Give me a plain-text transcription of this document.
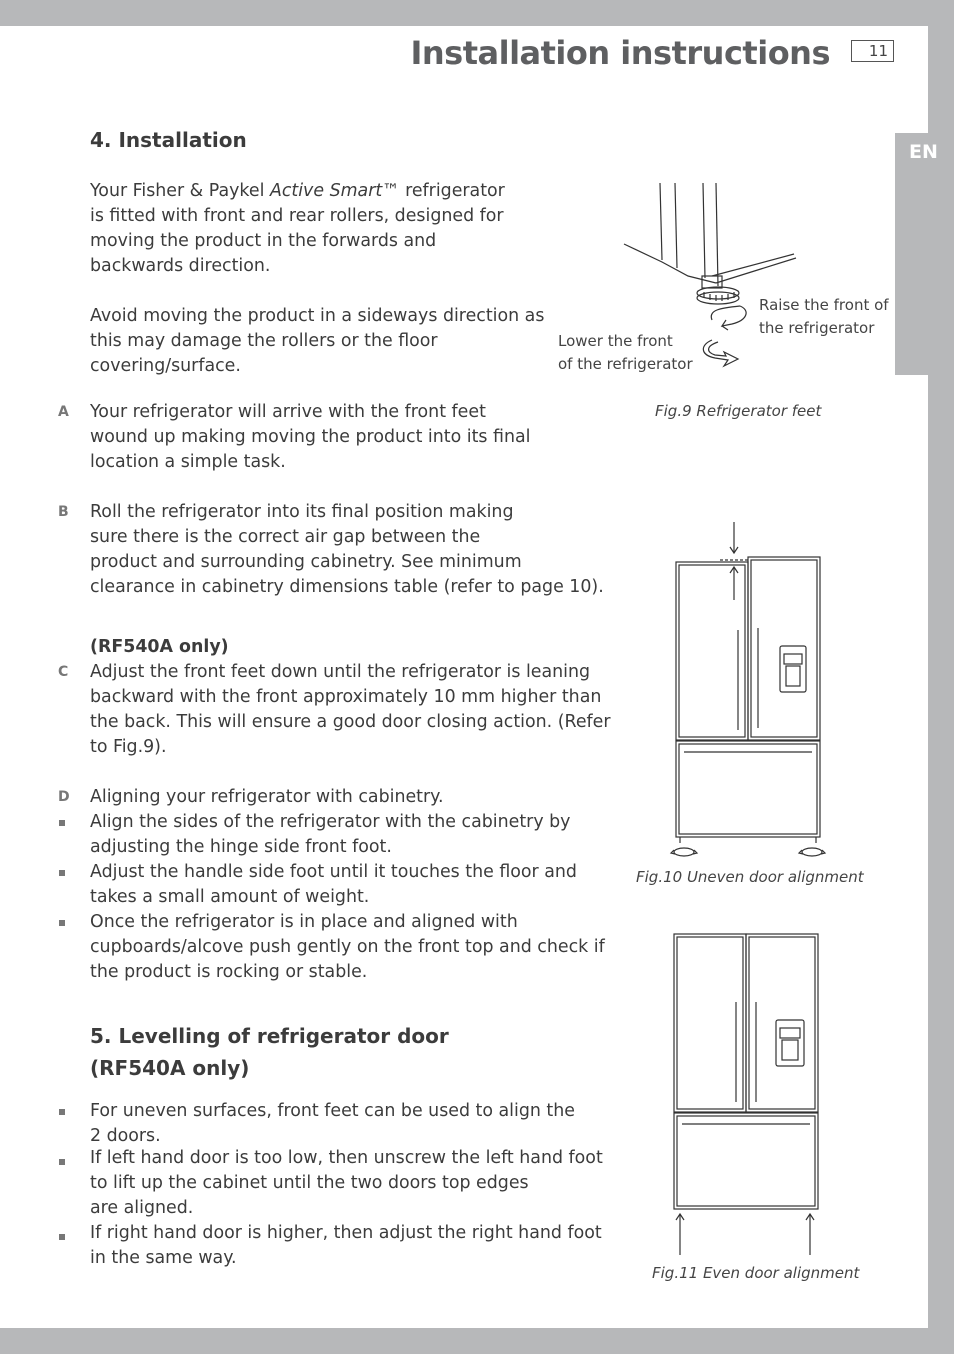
EN
Installation instructions	11
4. Installation

Your Fisher & Paykel Active Smart™ refrigerator

is fitted with front and rear rollers, designed for

moving the product in the forwards and

backwards direction.

Avoid moving the product in a sideways direction as

this may damage the rollers or the floor

covering/surface.

A Your refrigerator will arrive with the front feet

wound up making moving the product into its final

location a simple task.

B Roll the refrigerator into its final position making

sure there is the correct air gap between the

product and surrounding cabinetry. See minimum

clearance in cabinetry dimensions table (refer to page 10).

(RF540A only)
C Adjust the front feet down until the refrigerator is leaning

backward with the front approximately 10 mm higher than

the back. This will ensure a good door closing action. (Refer

to Fig.9).

D Aligning your refrigerator with cabinetry.

Align the sides of the refrigerator with the cabinetry by

adjusting the hinge side front foot.

Adjust the handle side foot until it touches the floor and

takes a small amount of weight.

Once the refrigerator is in place and aligned with

cupboards/alcove push gently on the front top and check if

the product is rocking or stable.

5. Levelling of refrigerator door
(RF540A only)

For uneven surfaces, front feet can be used to align the

2 doors.

If left hand door is too low, then unscrew the left hand foot

to lift up the cabinet until the two doors top edges

are aligned.

If right hand door is higher, then adjust the right hand foot

in the same way.

Raise the front of
the refrigerator
Lower the front
of the refrigerator
Fig.9 Refrigerator feet
Fig.10 Uneven door alignment
Fig.11 Even door alignment
